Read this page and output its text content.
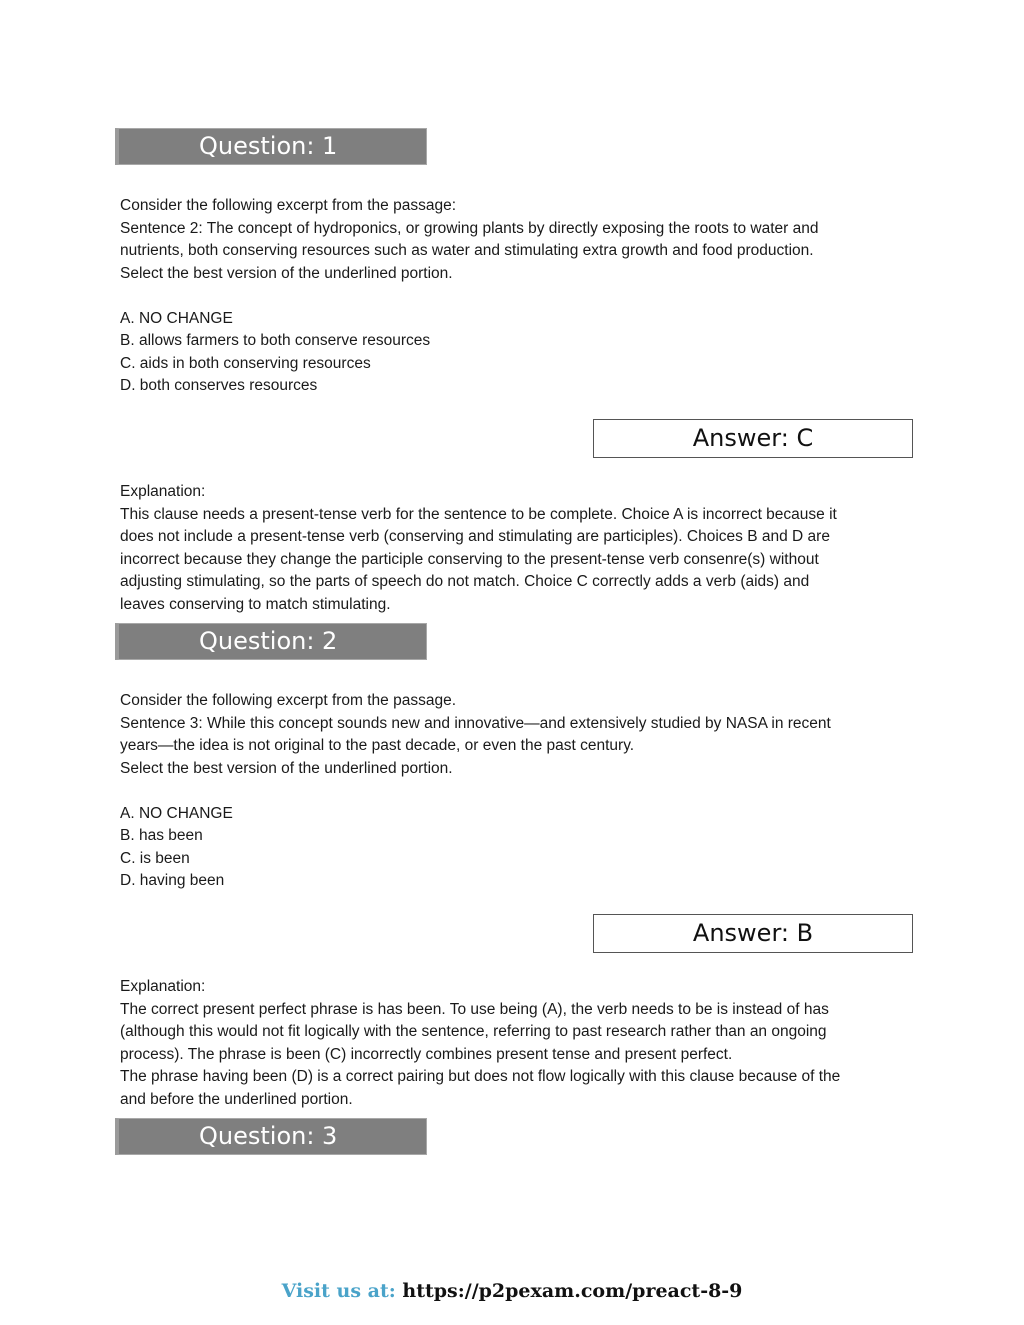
Question: 1
Consider the following excerpt from the passage:
Sentence 2: The concept of hydroponics, or growing plants by directly exposing the roots to water and
nutrients, both conserving resources such as water and stimulating extra growth and food production.
Select the best version of the underlined portion.
A. NO CHANGE
B. allows farmers to both conserve resources
C. aids in both conserving resources
D. both conserves resources
Answer: C
Explanation:
This clause needs a present-tense verb for the sentence to be complete. Choice A is incorrect because it
does not include a present-tense verb (conserving and stimulating are participles). Choices B and D are
incorrect because they change the participle conserving to the present-tense verb consenre(s) without
adjusting stimulating, so the parts of speech do not match. Choice C correctly adds a verb (aids) and
leaves conserving to match stimulating.
Question: 2
Consider the following excerpt from the passage.
Sentence 3: While this concept sounds new and innovative—and extensively studied by NASA in recent
years—the idea is not original to the past decade, or even the past century.
Select the best version of the underlined portion.
A. NO CHANGE
B. has been
C. is been
D. having been
Answer: B
Explanation:
The correct present perfect phrase is has been. To use being (A), the verb needs to be is instead of has
(although this would not fit logically with the sentence, referring to past research rather than an ongoing
process). The phrase is been (C) incorrectly combines present tense and present perfect.
The phrase having been (D) is a correct pairing but does not flow logically with this clause because of the
and before the underlined portion.
Question: 3
Visit us at: https://p2pexam.com/preact-8-9
